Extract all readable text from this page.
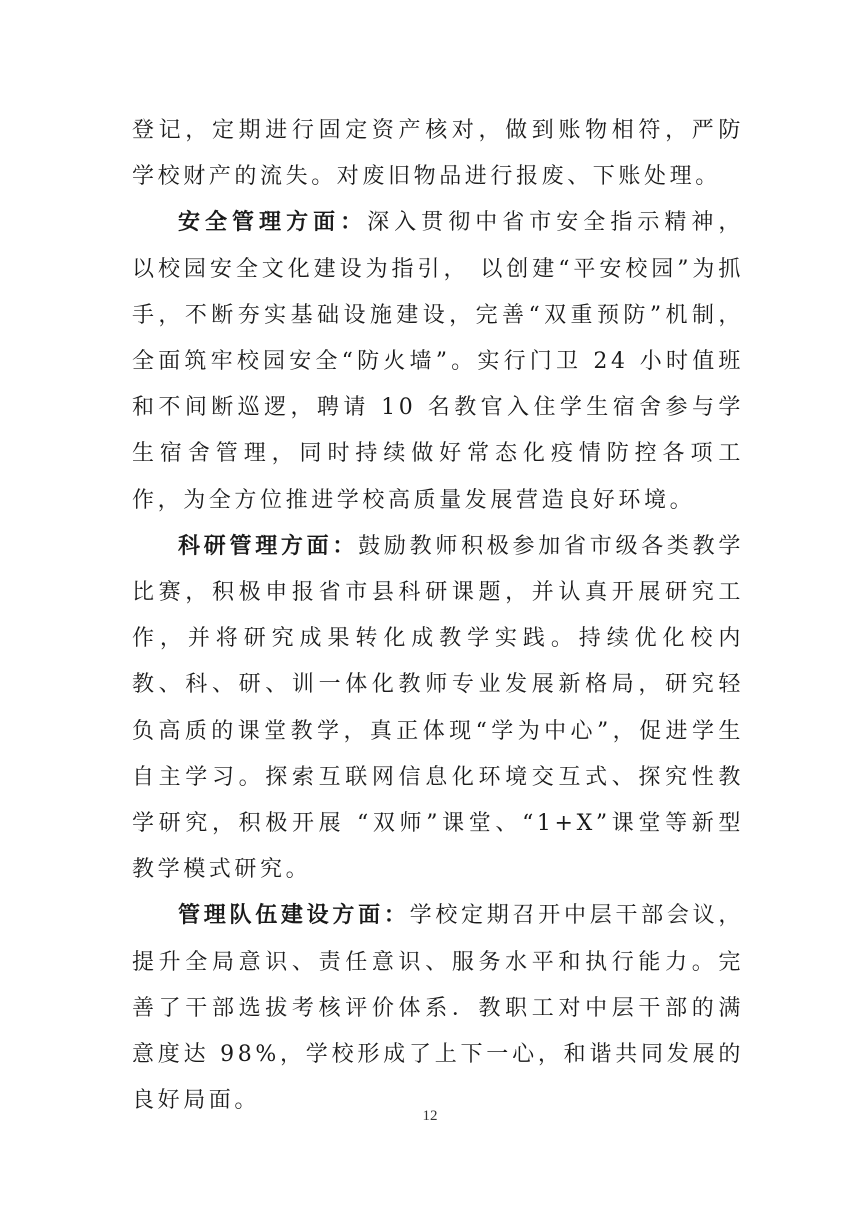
登记，定期进行固定资产核对，做到账物相符，严防学校财产的流失。对废旧物品进行报废、下账处理。

安全管理方面：深入贯彻中省市安全指示精神， 以校园安全文化建设为指引， 以创建“平安校园”为抓手，不断夯实基础设施建设，完善“双重预防”机制，全面筑牢校园安全“防火墙”。实行门卫 24 小时值班和不间断巡逻，聘请 10 名教官入住学生宿舍参与学生宿舍管理，同时持续做好常态化疫情防控各项工作，为全方位推进学校高质量发展营造良好环境。

科研管理方面：鼓励教师积极参加省市级各类教学比赛，积极申报省市县科研课题，并认真开展研究工作，并将研究成果转化成教学实践。持续优化校内教、科、研、训一体化教师专业发展新格局，研究轻负高质的课堂教学，真正体现“学为中心”，促进学生自主学习。探索互联网信息化环境交互式、探究性教学研究，积极开展 “双师”课堂、“1+X”课堂等新型教学模式研究。

管理队伍建设方面：学校定期召开中层干部会议，提升全局意识、责任意识、服务水平和执行能力。完善了干部选拔考核评价体系．教职工对中层干部的满意度达 98%，学校形成了上下一心，和谐共同发展的良好局面。

12
